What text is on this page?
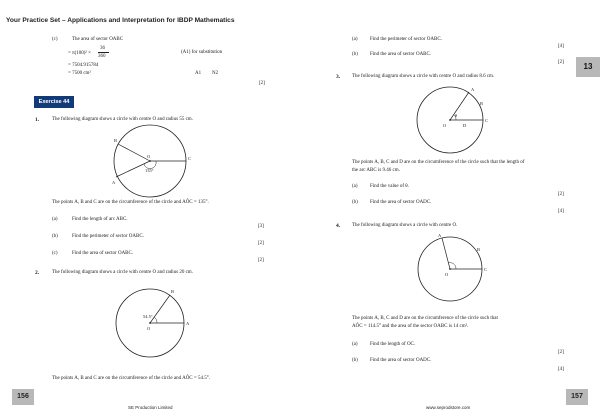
Your Practice Set – Applications and Interpretation for IBDP Mathematics
13
(c)	The area of sector OABC
= π(100)² ×
36
360
(A1) for substitution
= 7504.915784
= 7500 cm²	A1 N2
[2]
Exercise 44
1.	The following diagram shows a circle with centre O and radius 55 cm.
B
C
O
135°
A
The points A, B and C are on the circumference of the circle and AÔC = 135°.
(a)	Find the length of arc ABC.
[3]
(b)	Find the perimeter of sector OABC.
[2]
(c)	Find the area of sector OABC.
[2]
2.	The following diagram shows a circle with centre O and radius 20 cm.
B
54.5°
O
A
The points A, B and C are on the circumference of the circle and AÔC = 54.5°.
156
SE Production Limited
(a) Find the perimeter of sector OABC.
[4]
(b) Find the area of sector OABC.
[2]
3. The following diagram shows a circle with centre O and radius 8.6 cm.
A
B
C
O	D
θ
The points A, B, C and D are on the circumference of the circle such that the length of
the arc ABC is 9.46 cm.
(a) Find the value of θ.
[2]
(b) Find the area of sector OADC.
[4]
4. The following diagram shows a circle with centre O.
A
B
O
C
The points A, B, C and D are on the circumference of the circle such that
AÔC = 114.5° and the area of the sector OABC is 14 cm².
(a) Find the length of OC.
[2]
(b) Find the area of sector OADC.
[4]
157
www.seprodstore.com
